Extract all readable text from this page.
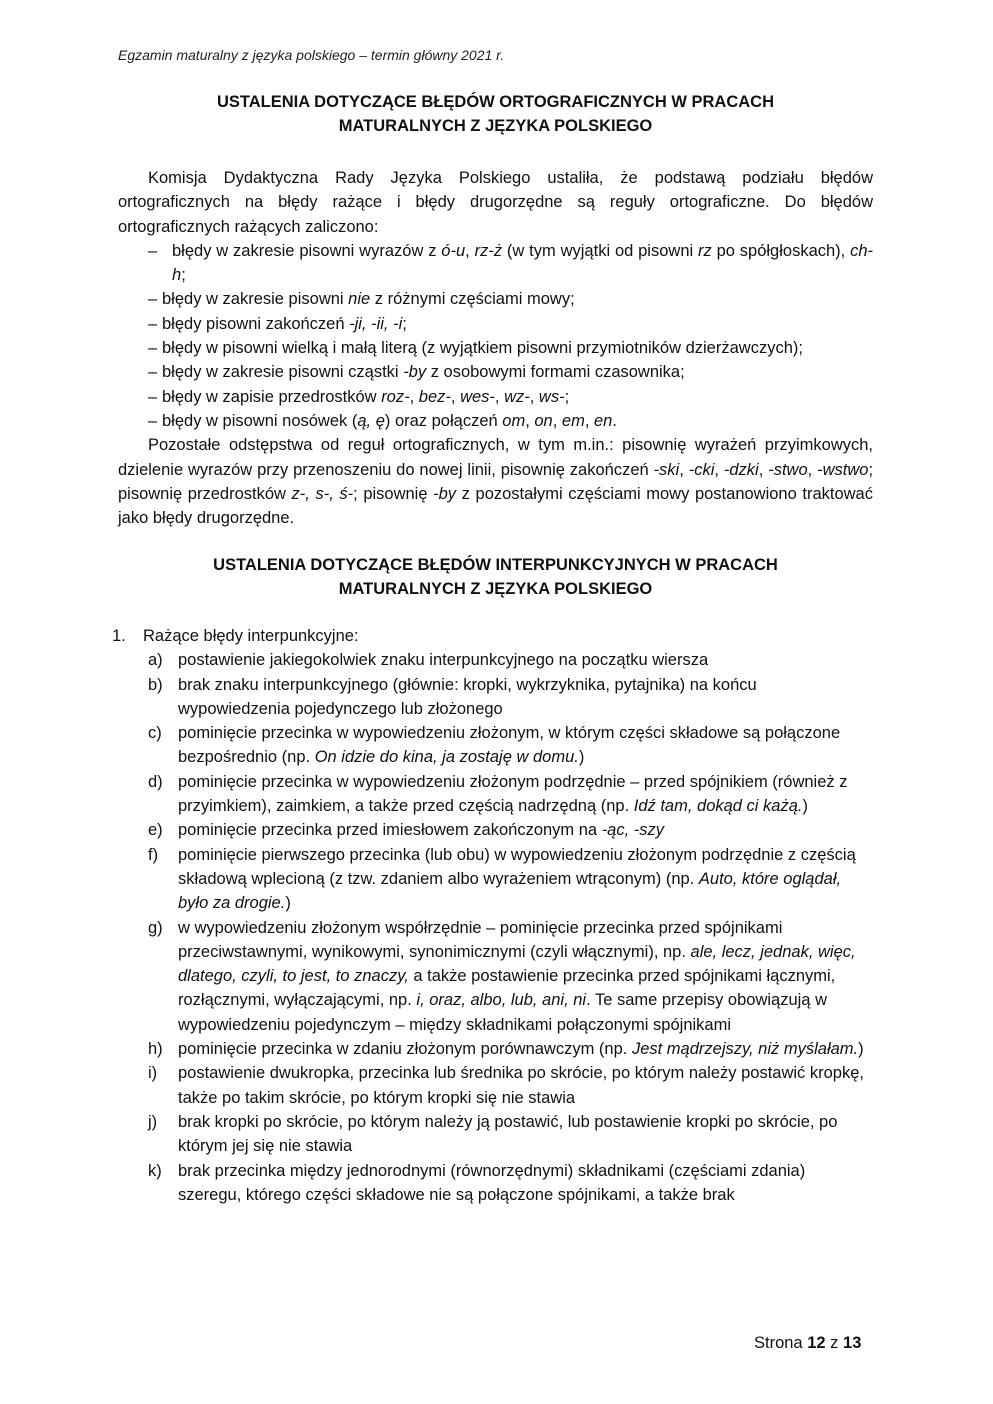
Egzamin maturalny z języka polskiego – termin główny 2021 r.
USTALENIA DOTYCZĄCE BŁĘDÓW ORTOGRAFICZNYCH W PRACACH
MATURALNYCH Z JĘZYKA POLSKIEGO

Komisja Dydaktyczna Rady Języka Polskiego ustaliła, że podstawą podziału błędów ortograficznych na błędy rażące i błędy drugorzędne są reguły ortograficzne. Do błędów ortograficznych rażących zaliczono:

– błędy w zakresie pisowni wyrazów z ó-u, rz-ż (w tym wyjątki od pisowni rz po spółgłoskach), ch-h;
– błędy w zakresie pisowni nie z różnymi częściami mowy;
– błędy pisowni zakończeń -ji, -ii, -i;
– błędy w pisowni wielką i małą literą (z wyjątkiem pisowni przymiotników dzierżawczych);
– błędy w zakresie pisowni cząstki -by z osobowymi formami czasownika;
– błędy w zapisie przedrostków roz-, bez-, wes-, wz-, ws-;
– błędy w pisowni nosówek (ą, ę) oraz połączeń om, on, em, en.

Pozostałe odstępstwa od reguł ortograficznych, w tym m.in.: pisownię wyrażeń przyimkowych, dzielenie wyrazów przy przenoszeniu do nowej linii, pisownię zakończeń -ski, -cki, -dzki, -stwo, -wstwo; pisownię przedrostków z-, s-, ś-; pisownię -by z pozostałymi częściami mowy postanowiono traktować jako błędy drugorzędne.

USTALENIA DOTYCZĄCE BŁĘDÓW INTERPUNKCYJNYCH W PRACACH
MATURALNYCH Z JĘZYKA POLSKIEGO
1.	Rażące błędy interpunkcyjne:
a) postawienie jakiegokolwiek znaku interpunkcyjnego na początku wiersza
b) brak znaku interpunkcyjnego (głównie: kropki, wykrzyknika, pytajnika) na końcu wypowiedzenia pojedynczego lub złożonego
c) pominięcie przecinka w wypowiedzeniu złożonym, w którym części składowe są połączone bezpośrednio (np. On idzie do kina, ja zostaję w domu.)
d) pominięcie przecinka w wypowiedzeniu złożonym podrzędnie – przed spójnikiem (również z przyimkiem), zaimkiem, a także przed częścią nadrzędną (np. Idź tam, dokąd ci każą.)
e) pominięcie przecinka przed imiesłowem zakończonym na -ąc, -szy
f)	pominięcie pierwszego przecinka (lub obu) w wypowiedzeniu złożonym podrzędnie z częścią składową wplecioną (z tzw. zdaniem albo wyrażeniem wtrąconym) (np. Auto, które oglądał, było za drogie.)
g) w wypowiedzeniu złożonym współrzędnie – pominięcie przecinka przed spójnikami przeciwstawnymi, wynikowymi, synonimicznymi (czyli włącznymi), np. ale, lecz, jednak, więc, dlatego, czyli, to jest, to znaczy, a także postawienie przecinka przed spójnikami łącznymi, rozłącznymi, wyłączającymi, np. i, oraz, albo, lub, ani, ni. Te same przepisy obowiązują w wypowiedzeniu pojedynczym – między składnikami połączonymi spójnikami
h) pominięcie przecinka w zdaniu złożonym porównawczym (np. Jest mądrzejszy, niż myślałam.)
i)	postawienie dwukropka, przecinka lub średnika po skrócie, po którym należy postawić kropkę, także po takim skrócie, po którym kropki się nie stawia
j)	brak kropki po skrócie, po którym należy ją postawić, lub postawienie kropki po skrócie, po którym jej się nie stawia
k) brak przecinka między jednorodnymi (równorzędnymi) składnikami (częściami zdania) szeregu, którego części składowe nie są połączone spójnikami, a także brak
Strona 12 z 13
